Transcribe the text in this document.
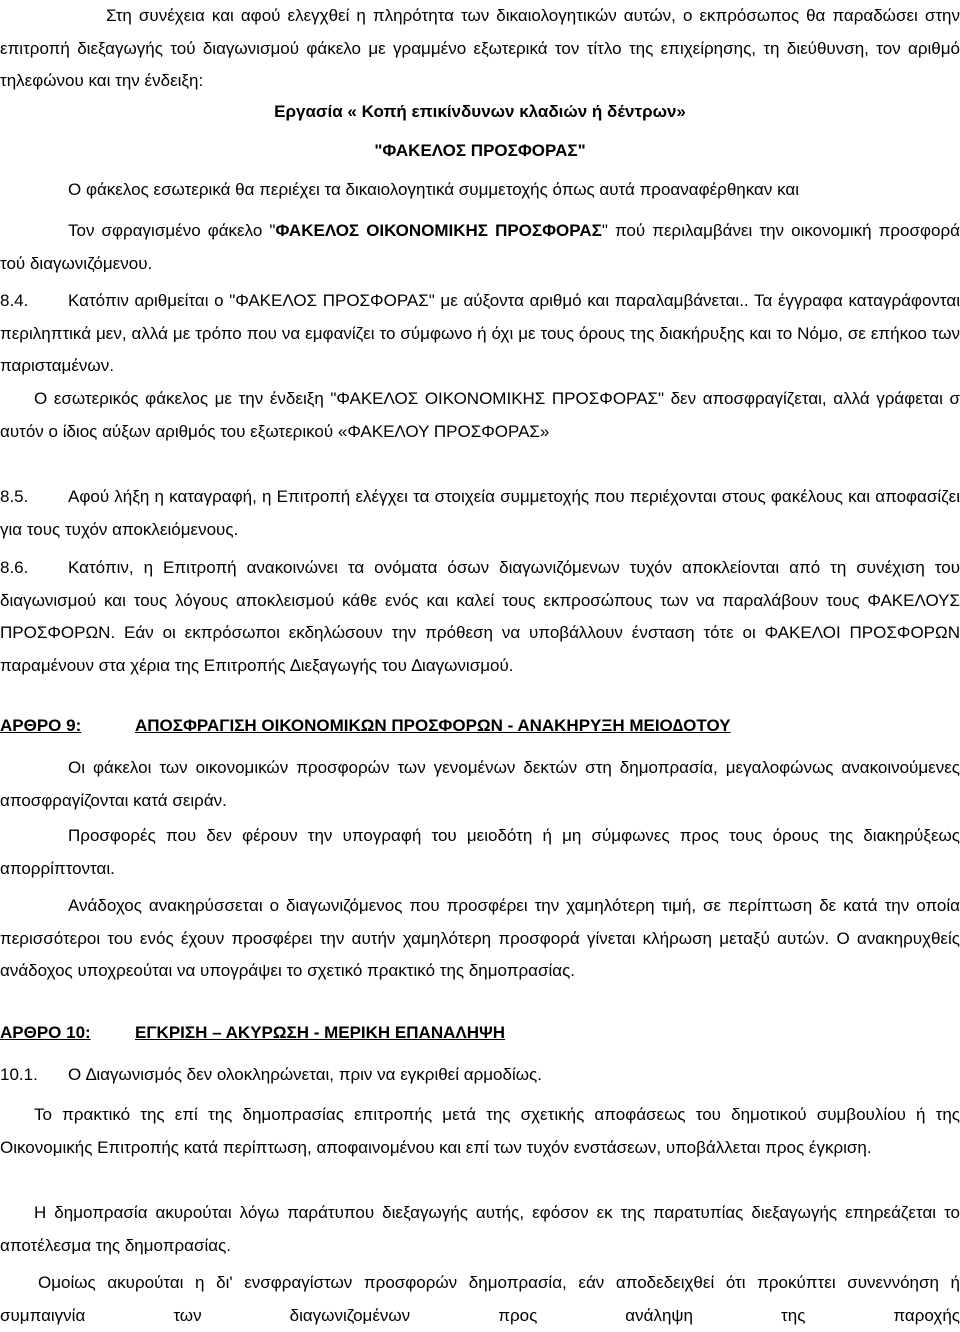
Στη συνέχεια και αφού ελεγχθεί η πληρότητα των δικαιολογητικών αυτών, ο εκπρόσωπος θα παραδώσει στην επιτροπή διεξαγωγής τού διαγωνισμού φάκελο με γραμμένο εξωτερικά τον τίτλο της επιχείρησης, τη διεύθυνση, τον αριθμό τηλεφώνου και την ένδειξη:

Εργασία « Κοπή επικίνδυνων κλαδιών ή δέντρων»

"ΦΑΚΕΛΟΣ ΠΡΟΣΦΟΡΑΣ"

Ο φάκελος εσωτερικά θα περιέχει τα δικαιολογητικά συμμετοχής όπως αυτά προαναφέρθηκαν και

Τον σφραγισμένο φάκελο "ΦΑΚΕΛΟΣ ΟΙΚΟΝΟΜΙΚΗΣ ΠΡΟΣΦΟΡΑΣ" πού περιλαμβάνει την οικονομική προσφορά τού διαγωνιζόμενου.

8.4. Κατόπιν αριθμείται ο "ΦΑΚΕΛΟΣ ΠΡΟΣΦΟΡΑΣ" με αύξοντα αριθμό και παραλαμβάνεται.. Τα έγγραφα καταγράφονται περιληπτικά μεν, αλλά με τρόπο που να εμφανίζει το σύμφωνο ή όχι με τους όρους της διακήρυξης και το Νόμο, σε επήκοο των παρισταμένων.

Ο εσωτερικός φάκελος με την ένδειξη "ΦΑΚΕΛΟΣ ΟΙΚΟΝΟΜΙΚΗΣ ΠΡΟΣΦΟΡΑΣ" δεν αποσφραγίζεται, αλλά γράφεται σ αυτόν ο ίδιος αύξων αριθμός του εξωτερικού «ΦΑΚΕΛΟΥ ΠΡΟΣΦΟΡΑΣ»

8.5. Αφού λήξη η καταγραφή, η Επιτροπή ελέγχει τα στοιχεία συμμετοχής που περιέχονται στους φακέλους και αποφασίζει για τους τυχόν αποκλειόμενους.

8.6. Κατόπιν, η Επιτροπή ανακοινώνει τα ονόματα όσων διαγωνιζόμενων τυχόν αποκλείονται από τη συνέχιση του διαγωνισμού και τους λόγους αποκλεισμού κάθε ενός και καλεί τους εκπροσώπους των να παραλάβουν τους ΦΑΚΕΛΟΥΣ ΠΡΟΣΦΟΡΩΝ. Εάν οι εκπρόσωποι εκδηλώσουν την πρόθεση να υποβάλλουν ένσταση τότε οι ΦΑΚΕΛΟΙ ΠΡΟΣΦΟΡΩΝ παραμένουν στα χέρια της Επιτροπής ∆ιεξαγωγής του ∆ιαγωνισμού.

ΑΡΘΡΟ 9:	ΑΠΟΣΦΡΑΓΙΣΗ ΟΙΚΟΝΟΜΙΚΩΝ ΠΡΟΣΦΟΡΩΝ - ΑΝΑΚΗΡΥΞΗ ΜΕΙΟ∆ΟΤΟΥ

Οι φάκελοι των οικονομικών προσφορών των γενομένων δεκτών στη δημοπρασία, μεγαλοφώνως ανακοινούμενες αποσφραγίζονται κατά σειράν.

Προσφορές που δεν φέρουν την υπογραφή του μειοδότη ή μη σύμφωνες προς τους όρους της διακηρύξεως απορρίπτονται.

Ανάδοχος ανακηρύσσεται ο διαγωνιζόμενος που προσφέρει την χαμηλότερη τιμή, σε περίπτωση δε κατά την οποία περισσότεροι του ενός έχουν προσφέρει την αυτήν χαμηλότερη προσφορά γίνεται κλήρωση μεταξύ αυτών. Ο ανακηρυχθείς ανάδοχος υποχρεούται να υπογράψει το σχετικό πρακτικό της δημοπρασίας.

ΑΡΘΡΟ 10:	ΕΓΚΡΙΣΗ – ΑΚΥΡΩΣΗ - ΜΕΡΙΚΗ ΕΠΑΝΑΛΗΨΗ

10.1. Ο ∆ιαγωνισμός δεν ολοκληρώνεται, πριν να εγκριθεί αρμοδίως.

Το πρακτικό της επί της δημοπρασίας επιτροπής μετά της σχετικής αποφάσεως του δημοτικού συμβουλίου ή της Οικονομικής Επιτροπής κατά περίπτωση, αποφαινομένου και επί των τυχόν ενστάσεων, υποβάλλεται προς έγκριση.

Η δημοπρασία ακυρούται λόγω παράτυπου διεξαγωγής αυτής, εφόσον εκ της παρατυπίας διεξαγωγής επηρεάζεται το αποτέλεσμα της δημοπρασίας.

Ομοίως ακυρούται η δι' ενσφραγίστων προσφορών δημοπρασία, εάν αποδεδειχθεί ότι προκύπτει συνεννόηση ή συμπαιγνία των διαγωνιζομένων προς ανάληψη της παροχής
